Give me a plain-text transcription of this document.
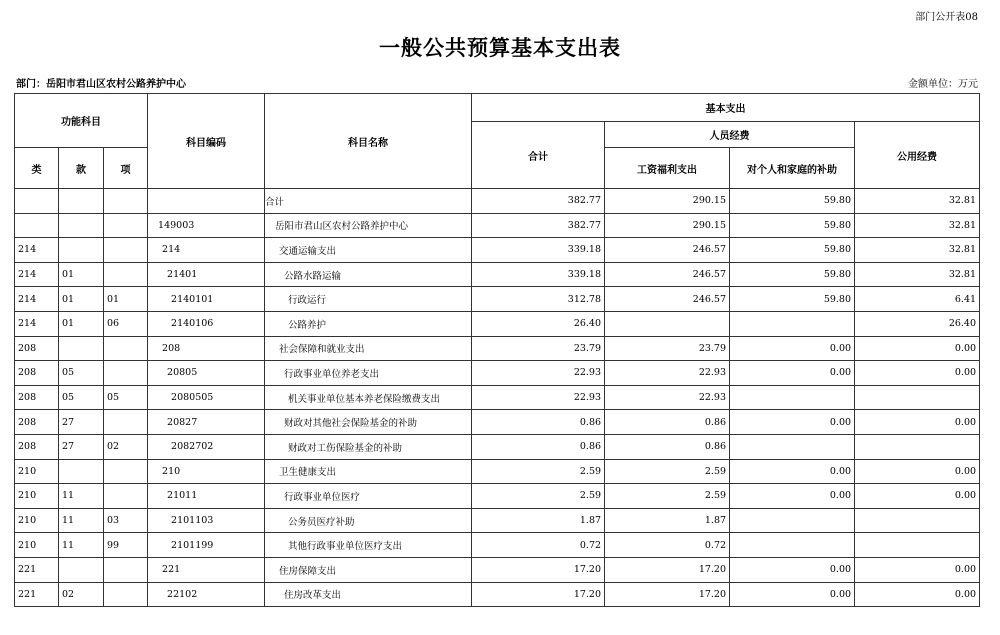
部门公开表08
一般公共预算基本支出表
部门：岳阳市君山区农村公路养护中心	金额单位：万元
功能科目			科目编码	科目名称	基本支出			
					合计	人员经费		公用经费
类	款	项				工资福利支出	对个人和家庭的补助	
				合计	382.77	290.15	59.80	32.81
			149003	岳阳市君山区农村公路养护中心	382.77	290.15	59.80	32.81
214			214	交通运输支出	339.18	246.57	59.80	32.81
214	01		21401	公路水路运输	339.18	246.57	59.80	32.81
214	01	01	2140101	行政运行	312.78	246.57	59.80	6.41
214	01	06	2140106	公路养护	26.40			26.40
208			208	社会保障和就业支出	23.79	23.79	0.00	0.00
208	05		20805	行政事业单位养老支出	22.93	22.93	0.00	0.00
208	05	05	2080505	机关事业单位基本养老保险缴费支出	22.93	22.93		
208	27		20827	财政对其他社会保险基金的补助	0.86	0.86	0.00	0.00
208	27	02	2082702	财政对工伤保险基金的补助	0.86	0.86		
210			210	卫生健康支出	2.59	2.59	0.00	0.00
210	11		21011	行政事业单位医疗	2.59	2.59	0.00	0.00
210	11	03	2101103	公务员医疗补助	1.87	1.87		
210	11	99	2101199	其他行政事业单位医疗支出	0.72	0.72		
221			221	住房保障支出	17.20	17.20	0.00	0.00
221	02		22102	住房改革支出	17.20	17.20	0.00	0.00
